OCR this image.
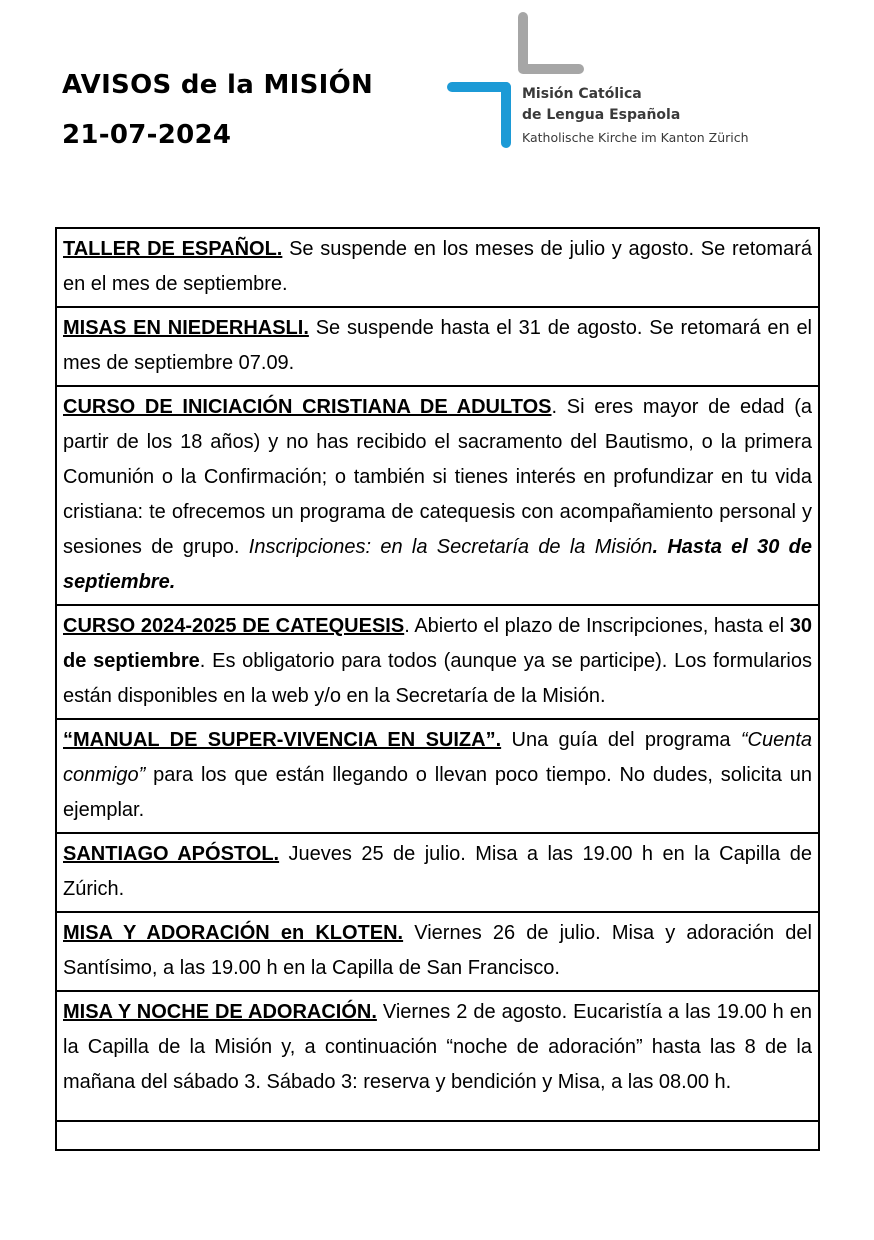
AVISOS de la MISIÓN
21-07-2024
Misión Católica
de Lengua Española
Katholische Kirche im Kanton Zürich
TALLER DE ESPAÑOL. Se suspende en los meses de julio y agosto. Se retomará en el mes de septiembre.
MISAS EN NIEDERHASLI. Se suspende hasta el 31 de agosto. Se retomará en el mes de septiembre 07.09.
CURSO DE INICIACIÓN CRISTIANA DE ADULTOS. Si eres mayor de edad (a partir de los 18 años) y no has recibido el sacramento del Bautismo, o la primera Comunión o la Confirmación; o también si tienes interés en profundizar en tu vida cristiana: te ofrecemos un programa de catequesis con acompañamiento personal y sesiones de grupo. Inscripciones: en la Secretaría de la Misión. Hasta el 30 de septiembre.
CURSO 2024-2025 DE CATEQUESIS. Abierto el plazo de Inscripciones, hasta el 30 de septiembre. Es obligatorio para todos (aunque ya se participe). Los formularios están disponibles en la web y/o en la Secretaría de la Misión.
“MANUAL DE SUPER-VIVENCIA EN SUIZA”. Una guía del programa “Cuenta conmigo” para los que están llegando o llevan poco tiempo. No dudes, solicita un ejemplar.
SANTIAGO APÓSTOL. Jueves 25 de julio. Misa a las 19.00 h en la Capilla de Zúrich.
MISA Y ADORACIÓN en KLOTEN. Viernes 26 de julio. Misa y adoración del Santísimo, a las 19.00 h en la Capilla de San Francisco.
MISA Y NOCHE DE ADORACIÓN. Viernes 2 de agosto. Eucaristía a las 19.00 h en la Capilla de la Misión y, a continuación “noche de adoración” hasta las 8 de la mañana del sábado 3. Sábado 3: reserva y bendición y Misa, a las 08.00 h.
